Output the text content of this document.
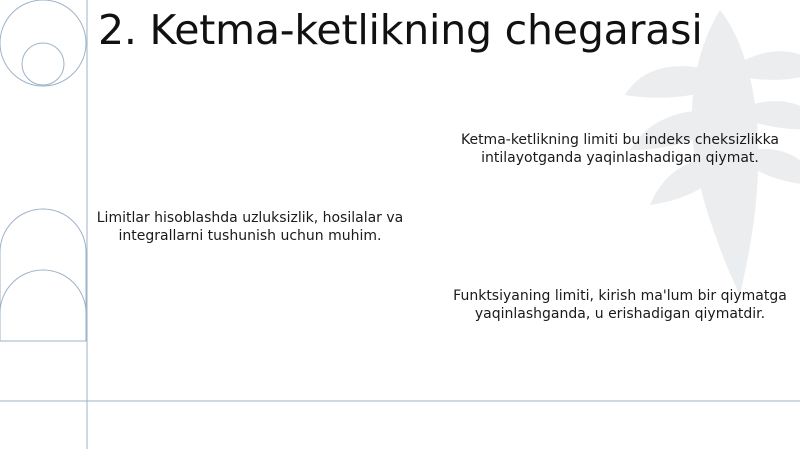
2. Ketma-ketlikning chegarasi
Ketma-ketlikning limiti bu indeks cheksizlikka intilayotganda yaqinlashadigan qiymat.
Limitlar hisoblashda uzluksizlik, hosilalar va integrallarni tushunish uchun muhim.
Funktsiyaning limiti, kirish ma'lum bir qiymatga yaqinlashganda, u erishadigan qiymatdir.
